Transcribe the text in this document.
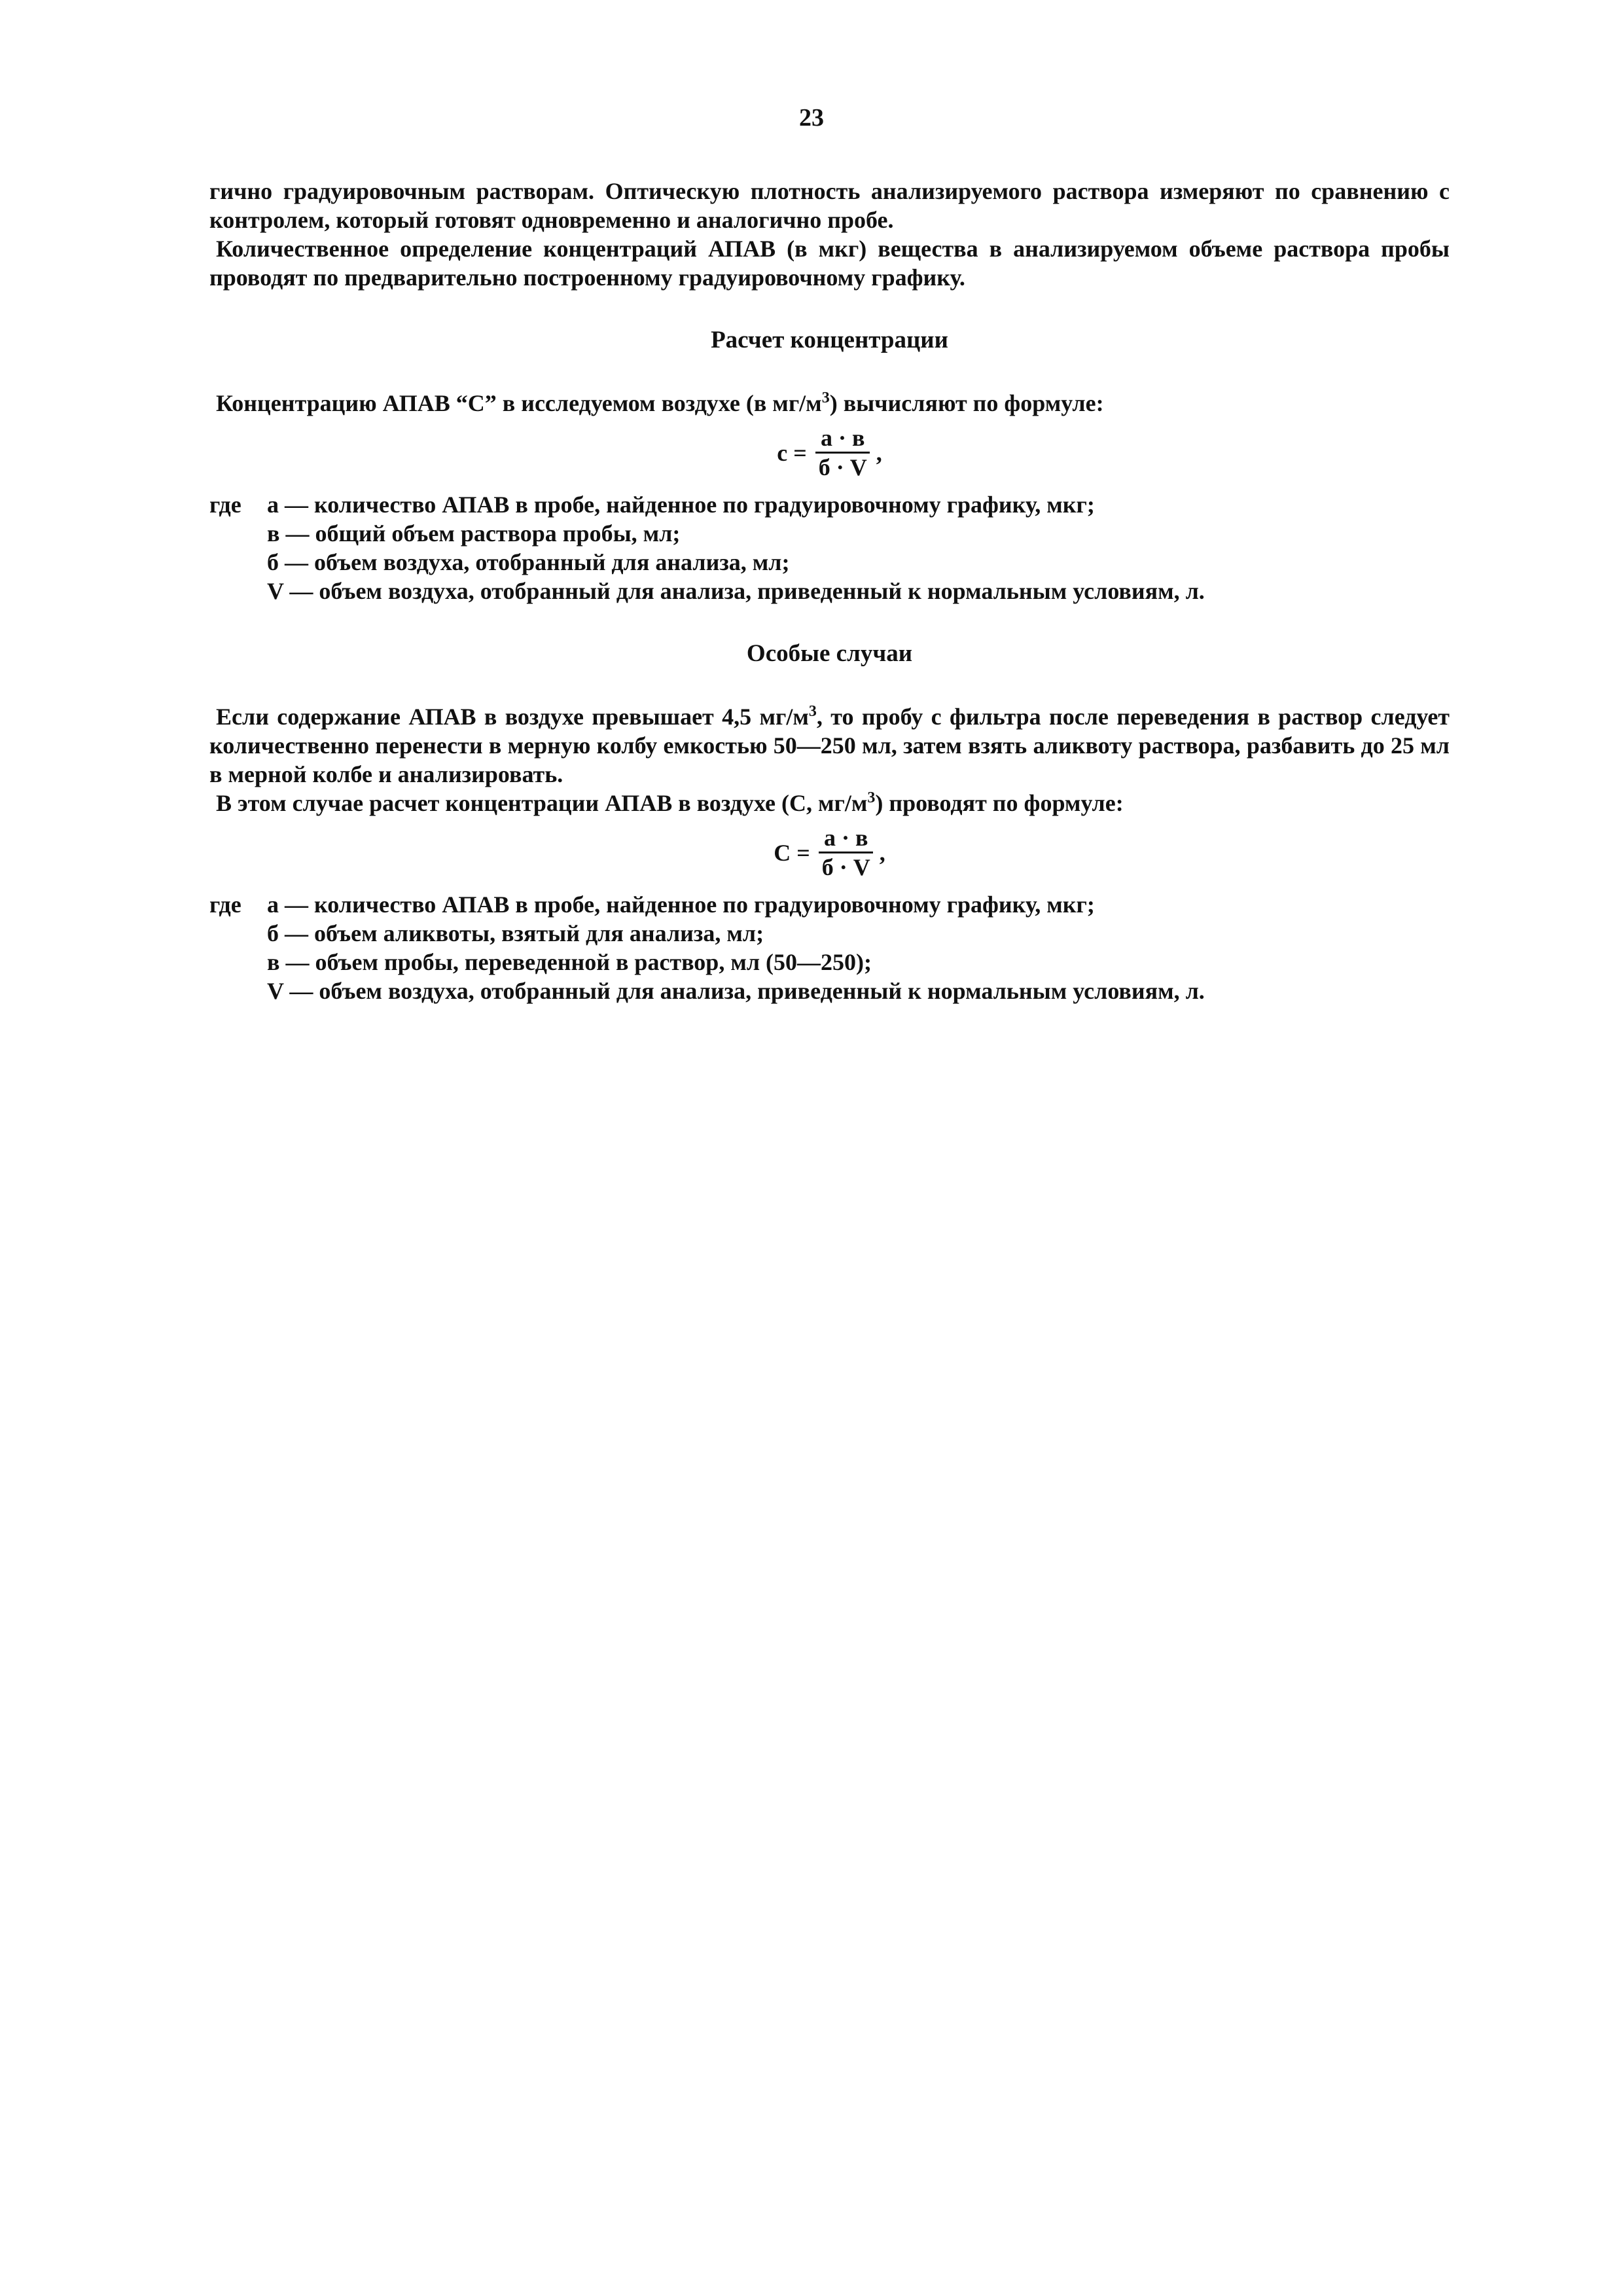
23

гично градуировочным растворам. Оптическую плотность анализируемого раствора измеряют по сравнению с контролем, который готовят одновременно и аналогично пробе.

Количественное определение концентраций АПАВ (в мкг) вещества в анализируемом объеме раствора пробы проводят по предварительно построенному градуировочному графику.

Расчет концентрации

Концентрацию АПАВ “С” в исследуемом воздухе (в $мг/м^3$) вычисляют по формуле:

$с = \frac{а \cdot в}{б \cdot V}$ ,
где	а — количество АПАВ в пробе, найденное по градуировочному графику, мкг;
в — общий объем раствора пробы, мл;
б — объем воздуха, отобранный для анализа, мл;
V — объем воздуха, отобранный для анализа, приведенный к нормальным условиям, л.
Особые случаи

Если содержание АПАВ в воздухе превышает 4,5 $мг/м^3$, то пробу с фильтра после переведения в раствор следует количественно перенести в мерную колбу емкостью 50—250 мл, затем взять аликвоту раствора, разбавить до 25 мл в мерной колбе и анализировать.

В этом случае расчет концентрации АПАВ в воздухе (С, $мг/м^3$) проводят по формуле:

$С = \frac{а \cdot в}{б \cdot V}$ ,
где	а — количество АПАВ в пробе, найденное по градуировочному графику, мкг;
б — объем аликвоты, взятый для анализа, мл;
в — объем пробы, переведенной в раствор, мл (50—250);
V — объем воздуха, отобранный для анализа, приведенный к нормальным условиям, л.
